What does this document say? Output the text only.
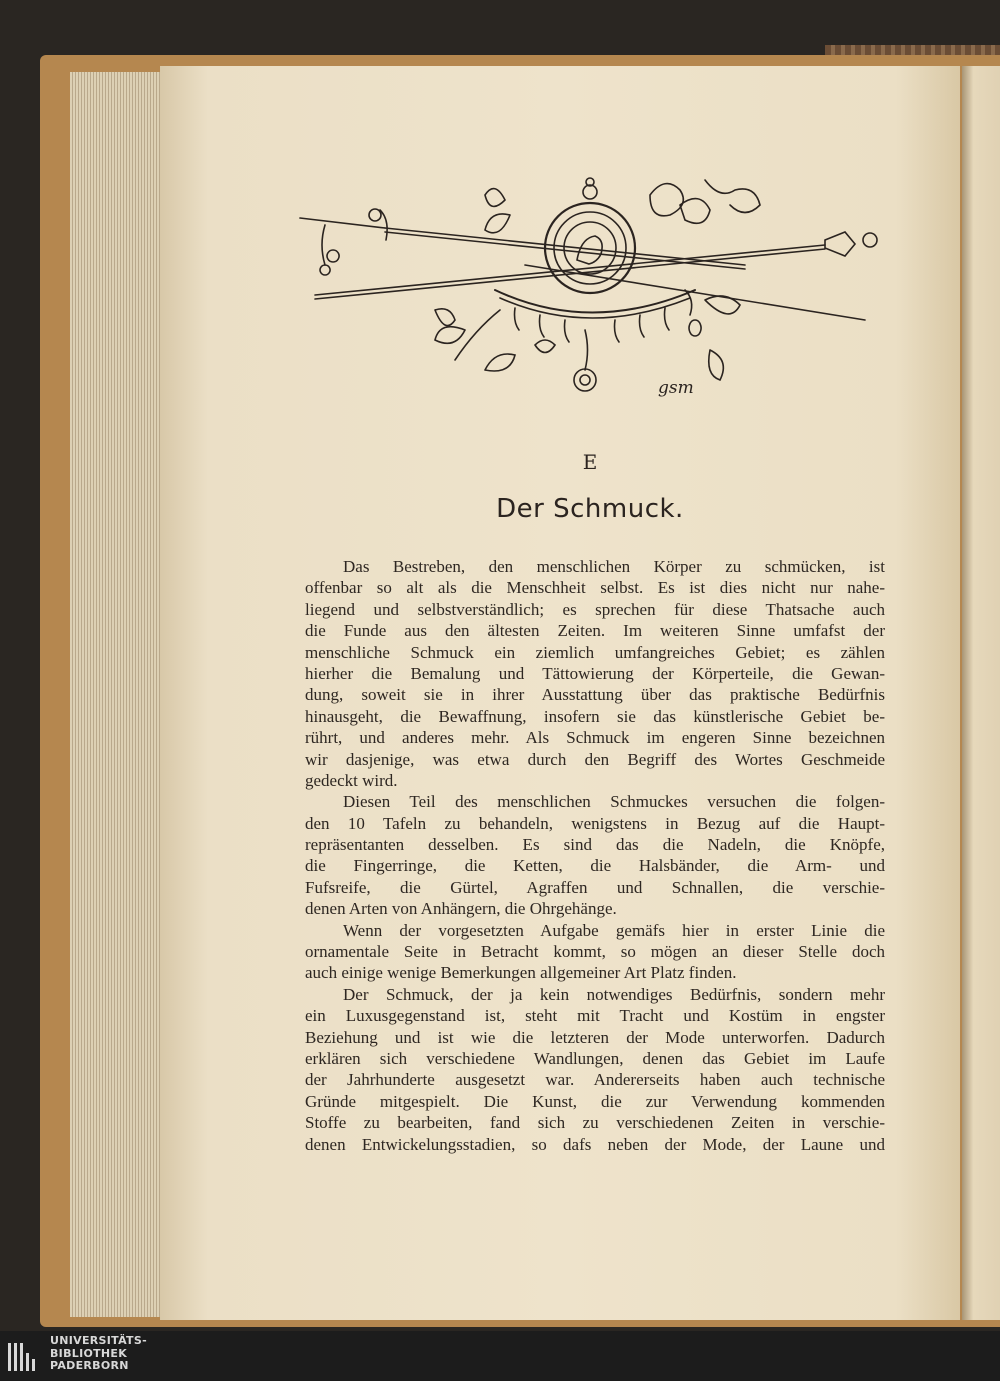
gsm
E
Der Schmuck.
Das Bestreben, den menschlichen Körper zu schmücken, ist
offenbar so alt als die Menschheit selbst. Es ist dies nicht nur nahe-
liegend und selbstverständlich; es sprechen für diese Thatsache auch
die Funde aus den ältesten Zeiten. Im weiteren Sinne umfafst der
menschliche Schmuck ein ziemlich umfangreiches Gebiet; es zählen
hierher die Bemalung und Tättowierung der Körperteile, die Gewan-
dung, soweit sie in ihrer Ausstattung über das praktische Bedürfnis
hinausgeht, die Bewaffnung, insofern sie das künstlerische Gebiet be-
rührt, und anderes mehr. Als Schmuck im engeren Sinne bezeichnen
wir dasjenige, was etwa durch den Begriff des Wortes Geschmeide
gedeckt wird.
Diesen Teil des menschlichen Schmuckes versuchen die folgen-
den 10 Tafeln zu behandeln, wenigstens in Bezug auf die Haupt-
repräsentanten desselben. Es sind das die Nadeln, die Knöpfe,
die Fingerringe, die Ketten, die Halsbänder, die Arm- und
Fufsreife, die Gürtel, Agraffen und Schnallen, die verschie-
denen Arten von Anhängern, die Ohrgehänge.
Wenn der vorgesetzten Aufgabe gemäfs hier in erster Linie die
ornamentale Seite in Betracht kommt, so mögen an dieser Stelle doch
auch einige wenige Bemerkungen allgemeiner Art Platz finden.
Der Schmuck, der ja kein notwendiges Bedürfnis, sondern mehr
ein Luxusgegenstand ist, steht mit Tracht und Kostüm in engster
Beziehung und ist wie die letzteren der Mode unterworfen. Dadurch
erklären sich verschiedene Wandlungen, denen das Gebiet im Laufe
der Jahrhunderte ausgesetzt war. Andererseits haben auch technische
Gründe mitgespielt. Die Kunst, die zur Verwendung kommenden
Stoffe zu bearbeiten, fand sich zu verschiedenen Zeiten in verschie-
denen Entwickelungsstadien, so dafs neben der Mode, der Laune und
UNIVERSITÄTS-
BIBLIOTHEK
PADERBORN
